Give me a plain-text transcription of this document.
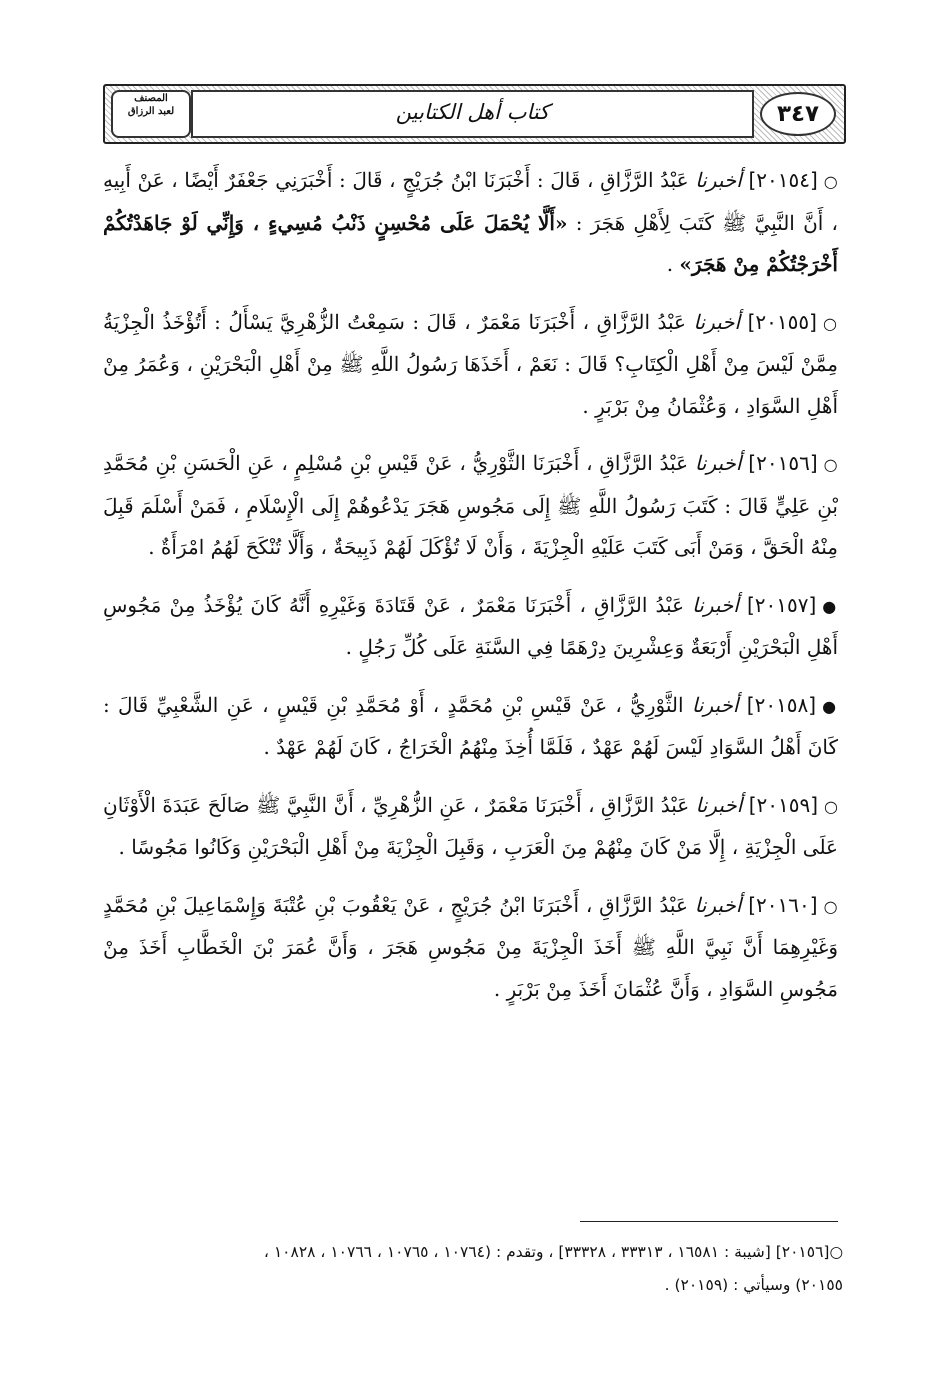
كتاب أهل الكتابين	٣٤٧
المصنف
لعبد الرزاق

○[٢٠١٥٤] أخبرنا عَبْدُ الرَّزَّاقِ ، قَالَ : أَخْبَرَنَا ابْنُ جُرَيْجٍ ، قَالَ : أَخْبَرَنِي جَعْفَرٌ أَيْضًا ، عَنْ أَبِيهِ ، أَنَّ النَّبِيَّ ﷺ كَتَبَ لِأَهْلِ هَجَرَ : «أَلَّا يُحْمَلَ عَلَى مُحْسِنٍ ذَنْبُ مُسِيءٍ ، وَإِنِّي لَوْ جَاهَدْتُكُمْ أَخْرَجْتُكُمْ مِنْ هَجَرَ» .

○[٢٠١٥٥] أخبرنا عَبْدُ الرَّزَّاقِ ، أَخْبَرَنَا مَعْمَرٌ ، قَالَ : سَمِعْتُ الزُّهْرِيَّ يَسْأَلُ : أَتُؤْخَذُ الْجِزْيَةُ مِمَّنْ لَيْسَ مِنْ أَهْلِ الْكِتَابِ؟ قَالَ : نَعَمْ ، أَخَذَهَا رَسُولُ اللَّهِ ﷺ مِنْ أَهْلِ الْبَحْرَيْنِ ، وَعُمَرُ مِنْ أَهْلِ السَّوَادِ ، وَعُثْمَانُ مِنْ بَرْبَرٍ .

○[٢٠١٥٦] أخبرنا عَبْدُ الرَّزَّاقِ ، أَخْبَرَنَا الثَّوْرِيُّ ، عَنْ قَيْسِ بْنِ مُسْلِمٍ ، عَنِ الْحَسَنِ بْنِ مُحَمَّدِ بْنِ عَلِيٍّ قَالَ : كَتَبَ رَسُولُ اللَّهِ ﷺ إِلَى مَجُوسِ هَجَرَ يَدْعُوهُمْ إِلَى الْإِسْلَامِ ، فَمَنْ أَسْلَمَ قَبِلَ مِنْهُ الْحَقَّ ، وَمَنْ أَبَى كَتَبَ عَلَيْهِ الْجِزْيَةَ ، وَأَنْ لَا تُؤْكَلَ لَهُمْ ذَبِيحَةٌ ، وَأَلَّا تُنْكَحَ لَهُمُ امْرَأَةٌ .

●[٢٠١٥٧] أخبرنا عَبْدُ الرَّزَّاقِ ، أَخْبَرَنَا مَعْمَرٌ ، عَنْ قَتَادَةَ وَغَيْرِهِ أَنَّهُ كَانَ يُؤْخَذُ مِنْ مَجُوسِ أَهْلِ الْبَحْرَيْنِ أَرْبَعَةٌ وَعِشْرِينَ دِرْهَمًا فِي السَّنَةِ عَلَى كُلِّ رَجُلٍ .

●[٢٠١٥٨] أخبرنا الثَّوْرِيُّ ، عَنْ قَيْسِ بْنِ مُحَمَّدٍ ، أَوْ مُحَمَّدِ بْنِ قَيْسٍ ، عَنِ الشَّعْبِيِّ قَالَ : كَانَ أَهْلُ السَّوَادِ لَيْسَ لَهُمْ عَهْدٌ ، فَلَمَّا أُخِذَ مِنْهُمُ الْخَرَاجُ ، كَانَ لَهُمْ عَهْدٌ .

○[٢٠١٥٩] أخبرنا عَبْدُ الرَّزَّاقِ ، أَخْبَرَنَا مَعْمَرٌ ، عَنِ الزُّهْرِيِّ ، أَنَّ النَّبِيَّ ﷺ صَالَحَ عَبَدَةَ الْأَوْثَانِ عَلَى الْجِزْيَةِ ، إِلَّا مَنْ كَانَ مِنْهُمْ مِنَ الْعَرَبِ ، وَقَبِلَ الْجِزْيَةَ مِنْ أَهْلِ الْبَحْرَيْنِ وَكَانُوا مَجُوسًا .

○[٢٠١٦٠] أخبرنا عَبْدُ الرَّزَّاقِ ، أَخْبَرَنَا ابْنُ جُرَيْجٍ ، عَنْ يَعْقُوبَ بْنِ عُتْبَةَ وَإِسْمَاعِيلَ بْنِ مُحَمَّدٍ وَغَيْرِهِمَا أَنَّ نَبِيَّ اللَّهِ ﷺ أَخَذَ الْجِزْيَةَ مِنْ مَجُوسِ هَجَرَ ، وَأَنَّ عُمَرَ بْنَ الْخَطَّابِ أَخَذَ مِنْ مَجُوسِ السَّوَادِ ، وَأَنَّ عُثْمَانَ أَخَذَ مِنْ بَرْبَرٍ .

○[٢٠١٥٦] [شيبة : ١٦٥٨١ ، ٣٣٣١٣ ، ٣٣٣٢٨] ، وتقدم : (١٠٧٦٤ ، ١٠٧٦٥ ، ١٠٧٦٦ ، ١٠٨٢٨ ،
٢٠١٥٥) وسيأتي : (٢٠١٥٩) .
